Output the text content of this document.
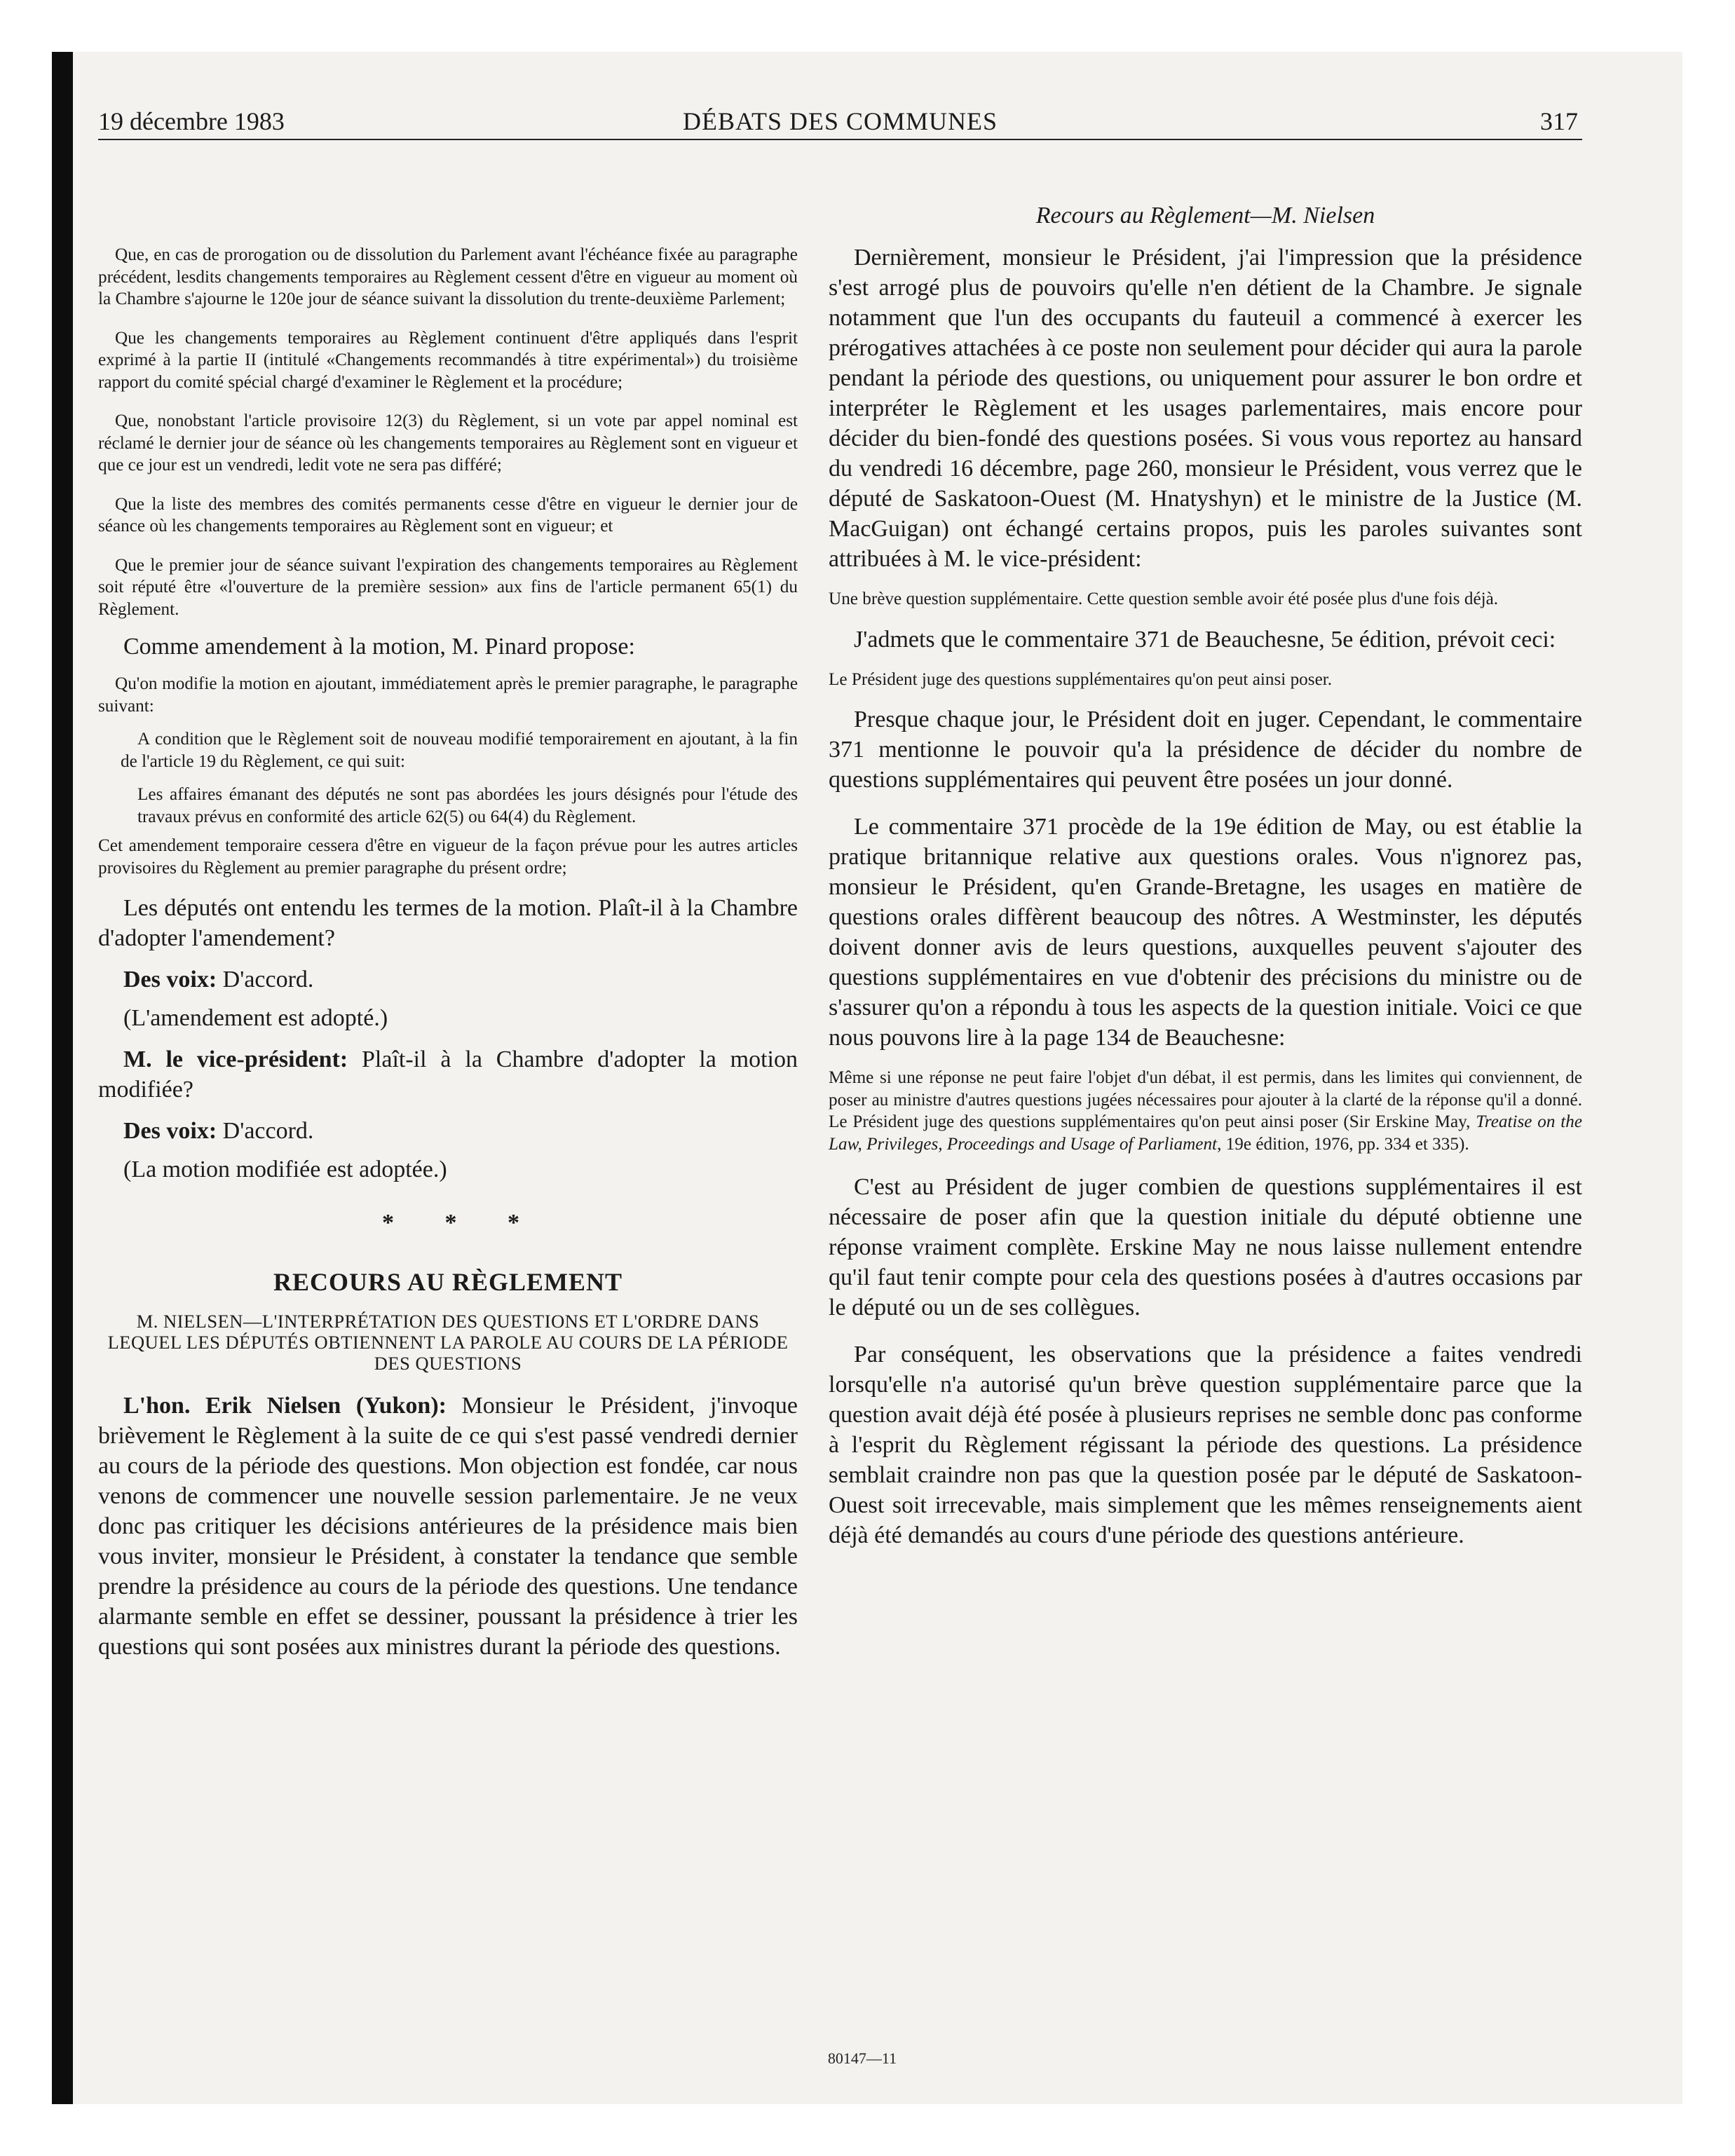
19 décembre 1983	DÉBATS DES COMMUNES	317

Que, en cas de prorogation ou de dissolution du Parlement avant l'échéance fixée au paragraphe précédent, lesdits changements temporaires au Règlement cessent d'être en vigueur au moment où la Chambre s'ajourne le 120e jour de séance suivant la dissolution du trente-deuxième Parlement;

Que les changements temporaires au Règlement continuent d'être appliqués dans l'esprit exprimé à la partie II (intitulé «Changements recommandés à titre expérimental») du troisième rapport du comité spécial chargé d'examiner le Règlement et la procédure;

Que, nonobstant l'article provisoire 12(3) du Règlement, si un vote par appel nominal est réclamé le dernier jour de séance où les changements temporaires au Règlement sont en vigueur et que ce jour est un vendredi, ledit vote ne sera pas différé;

Que la liste des membres des comités permanents cesse d'être en vigueur le dernier jour de séance où les changements temporaires au Règlement sont en vigueur; et

Que le premier jour de séance suivant l'expiration des changements temporaires au Règlement soit réputé être «l'ouverture de la première session» aux fins de l'article permanent 65(1) du Règlement.

Comme amendement à la motion, M. Pinard propose:

Qu'on modifie la motion en ajoutant, immédiatement après le premier paragraphe, le paragraphe suivant:

A condition que le Règlement soit de nouveau modifié temporairement en ajoutant, à la fin de l'article 19 du Règlement, ce qui suit:

Les affaires émanant des députés ne sont pas abordées les jours désignés pour l'étude des travaux prévus en conformité des article 62(5) ou 64(4) du Règlement.

Cet amendement temporaire cessera d'être en vigueur de la façon prévue pour les autres articles provisoires du Règlement au premier paragraphe du présent ordre;

Les députés ont entendu les termes de la motion. Plaît-il à la Chambre d'adopter l'amendement?

Des voix: D'accord.

(L'amendement est adopté.)

M. le vice-président: Plaît-il à la Chambre d'adopter la motion modifiée?

Des voix: D'accord.

(La motion modifiée est adoptée.)

* * *

RECOURS AU RÈGLEMENT

M. NIELSEN—L'INTERPRÉTATION DES QUESTIONS ET L'ORDRE DANS LEQUEL LES DÉPUTÉS OBTIENNENT LA PAROLE AU COURS DE LA PÉRIODE DES QUESTIONS

L'hon. Erik Nielsen (Yukon): Monsieur le Président, j'invoque brièvement le Règlement à la suite de ce qui s'est passé vendredi dernier au cours de la période des questions. Mon objection est fondée, car nous venons de commencer une nouvelle session parlementaire. Je ne veux donc pas critiquer les décisions antérieures de la présidence mais bien vous inviter, monsieur le Président, à constater la tendance que semble prendre la présidence au cours de la période des questions. Une tendance alarmante semble en effet se dessiner, poussant la présidence à trier les questions qui sont posées aux ministres durant la période des questions.

Recours au Règlement—M. Nielsen

Dernièrement, monsieur le Président, j'ai l'impression que la présidence s'est arrogé plus de pouvoirs qu'elle n'en détient de la Chambre. Je signale notamment que l'un des occupants du fauteuil a commencé à exercer les prérogatives attachées à ce poste non seulement pour décider qui aura la parole pendant la période des questions, ou uniquement pour assurer le bon ordre et interpréter le Règlement et les usages parlementaires, mais encore pour décider du bien-fondé des questions posées. Si vous vous reportez au hansard du vendredi 16 décembre, page 260, monsieur le Président, vous verrez que le député de Saskatoon-Ouest (M. Hnatyshyn) et le ministre de la Justice (M. MacGuigan) ont échangé certains propos, puis les paroles suivantes sont attribuées à M. le vice-président:

Une brève question supplémentaire. Cette question semble avoir été posée plus d'une fois déjà.

J'admets que le commentaire 371 de Beauchesne, 5e édition, prévoit ceci:

Le Président juge des questions supplémentaires qu'on peut ainsi poser.

Presque chaque jour, le Président doit en juger. Cependant, le commentaire 371 mentionne le pouvoir qu'a la présidence de décider du nombre de questions supplémentaires qui peuvent être posées un jour donné.

Le commentaire 371 procède de la 19e édition de May, ou est établie la pratique britannique relative aux questions orales. Vous n'ignorez pas, monsieur le Président, qu'en Grande-Bretagne, les usages en matière de questions orales diffèrent beaucoup des nôtres. A Westminster, les députés doivent donner avis de leurs questions, auxquelles peuvent s'ajouter des questions supplémentaires en vue d'obtenir des précisions du ministre ou de s'assurer qu'on a répondu à tous les aspects de la question initiale. Voici ce que nous pouvons lire à la page 134 de Beauchesne:

Même si une réponse ne peut faire l'objet d'un débat, il est permis, dans les limites qui conviennent, de poser au ministre d'autres questions jugées nécessaires pour ajouter à la clarté de la réponse qu'il a donné. Le Président juge des questions supplémentaires qu'on peut ainsi poser (Sir Erskine May, Treatise on the Law, Privileges, Proceedings and Usage of Parliament, 19e édition, 1976, pp. 334 et 335).

C'est au Président de juger combien de questions supplémentaires il est nécessaire de poser afin que la question initiale du député obtienne une réponse vraiment complète. Erskine May ne nous laisse nullement entendre qu'il faut tenir compte pour cela des questions posées à d'autres occasions par le député ou un de ses collègues.

Par conséquent, les observations que la présidence a faites vendredi lorsqu'elle n'a autorisé qu'un brève question supplémentaire parce que la question avait déjà été posée à plusieurs reprises ne semble donc pas conforme à l'esprit du Règlement régissant la période des questions. La présidence semblait craindre non pas que la question posée par le député de Saskatoon-Ouest soit irrecevable, mais simplement que les mêmes renseignements aient déjà été demandés au cours d'une période des questions antérieure.

80147—11
